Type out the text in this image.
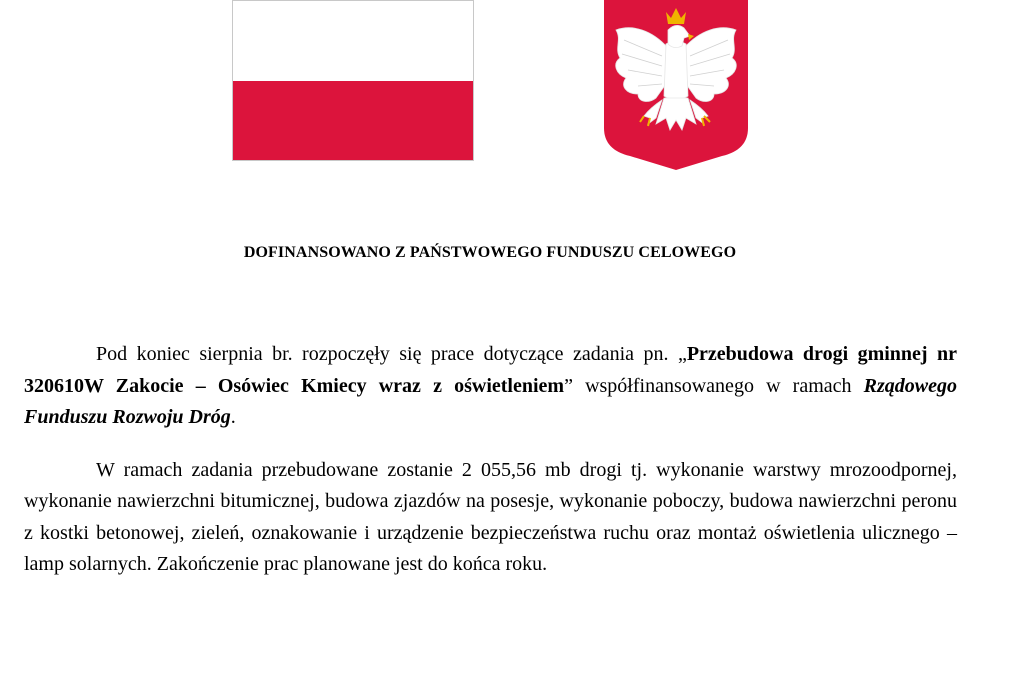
DOFINANSOWANO Z PAŃSTWOWEGO FUNDUSZU CELOWEGO

Pod koniec sierpnia br. rozpoczęły się prace dotyczące zadania pn. „Przebudowa drogi gminnej nr 320610W Zakocie – Osówiec Kmiecy wraz z oświetleniem” współfinansowanego w ramach Rządowego Funduszu Rozwoju Dróg.

W ramach zadania przebudowane zostanie 2 055,56 mb drogi tj. wykonanie warstwy mrozoodpornej, wykonanie nawierzchni bitumicznej, budowa zjazdów na posesje, wykonanie poboczy, budowa nawierzchni peronu z kostki betonowej, zieleń, oznakowanie i urządzenie bezpieczeństwa ruchu oraz montaż oświetlenia ulicznego – lamp solarnych. Zakończenie prac planowane jest do końca roku.
